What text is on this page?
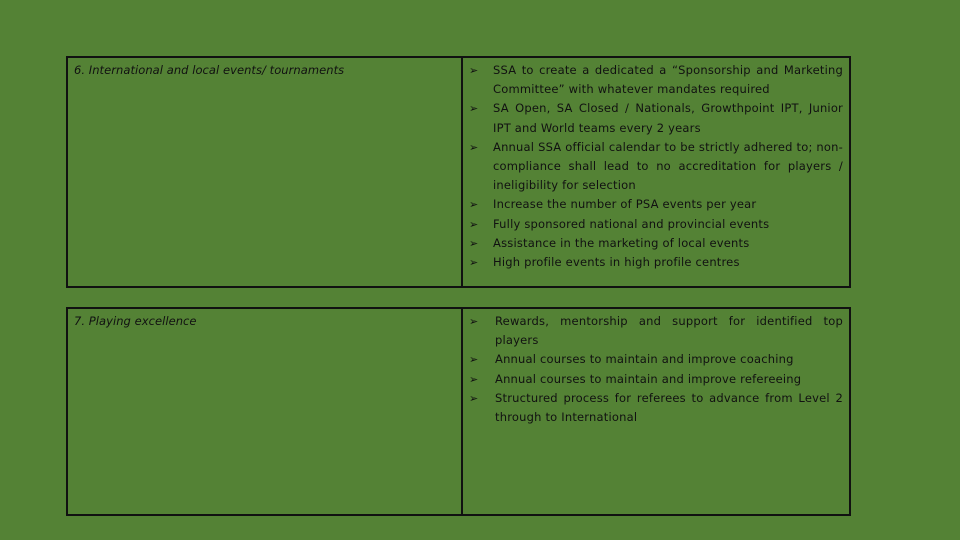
6. International and local events/ tournaments	➢	SSA to create a dedicated a “Sponsorship and Marketing Committee” with whatever mandates required
➢	SA Open, SA Closed / Nationals, Growthpoint IPT, Junior IPT and World teams every 2 years
➢	Annual SSA official calendar to be strictly adhered to; non-compliance shall lead to no accreditation for players / ineligibility for selection
➢	Increase the number of PSA events per year
➢	Fully sponsored national and provincial events
➢	Assistance in the marketing of local events
➢	High profile events in high profile centres
7. Playing excellence	➢	Rewards, mentorship and support for identified top players
➢	Annual courses to maintain and improve coaching
➢	Annual courses to maintain and improve refereeing
➢	Structured process for referees to advance from Level 2 through to International
